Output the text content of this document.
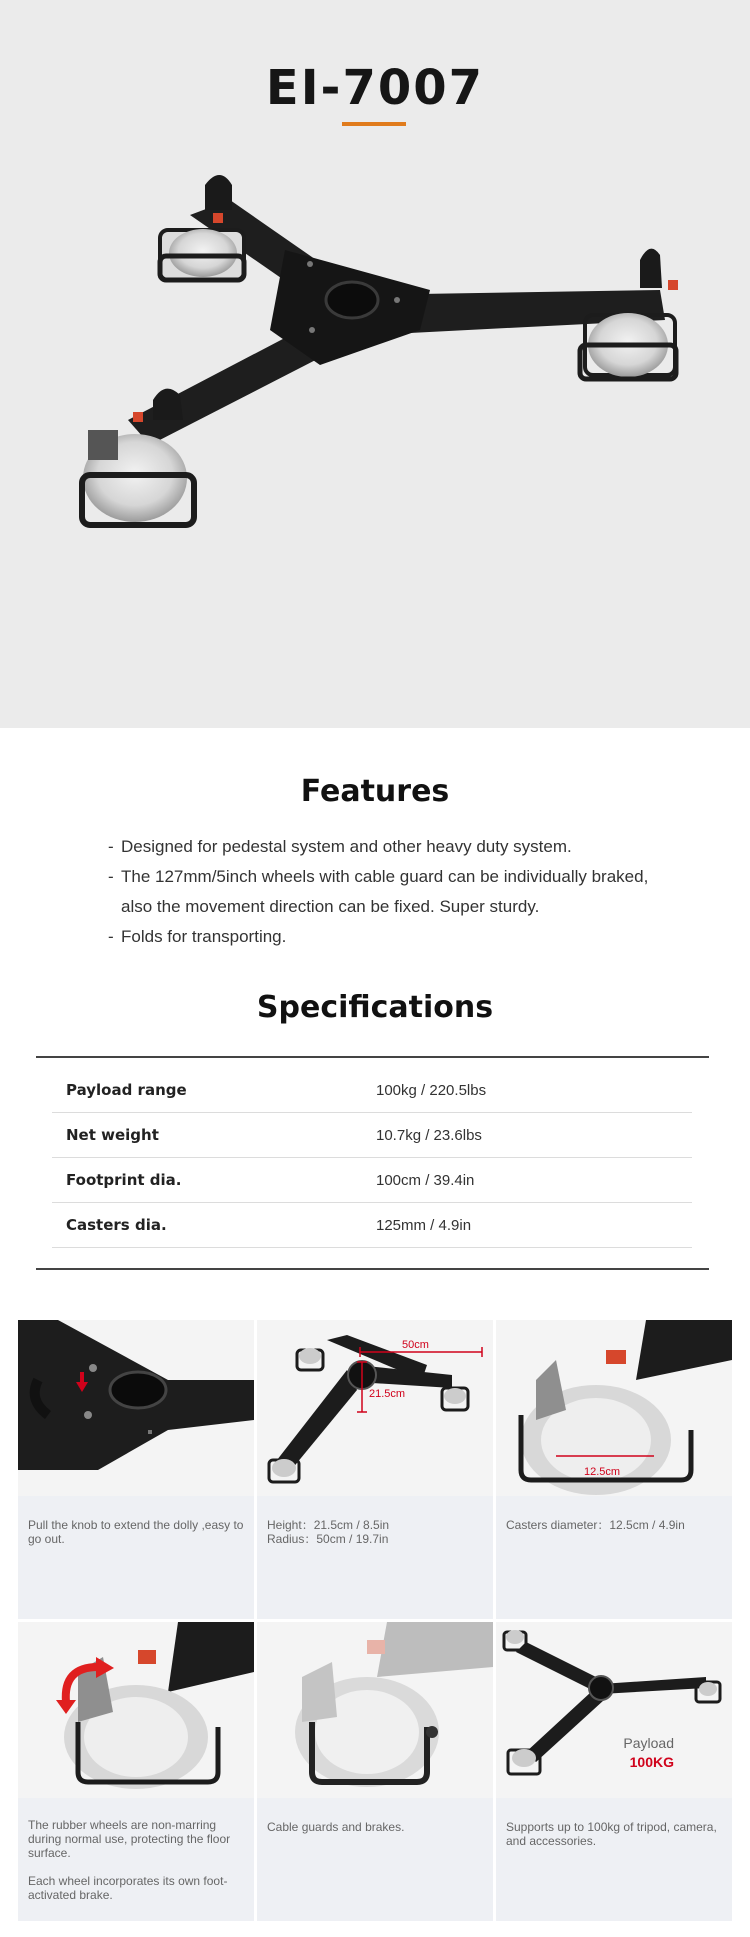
EI-7007
Features
- Designed for pedestal system and other heavy duty system.
- The 127mm/5inch wheels with cable guard can be individually braked, also the movement direction can be fixed. Super sturdy.
- Folds for transporting.
Specifications
Payload range	100kg / 220.5lbs
Net weight	10.7kg / 23.6lbs
Footprint dia.	100cm / 39.4in
Casters dia.	125mm / 4.9in
Pull the knob to extend the dolly ,easy to go out.
50cm
21.5cm
Height：21.5cm / 8.5in
Radius：50cm / 19.7in
12.5cm
Casters diameter：12.5cm / 4.9in
The rubber wheels are non-marring during normal use, protecting the floor surface.
Each wheel incorporates its own foot-activated brake.
Cable guards and brakes.
Payload
100KG
Supports up to 100kg of tripod, camera, and accessories.
